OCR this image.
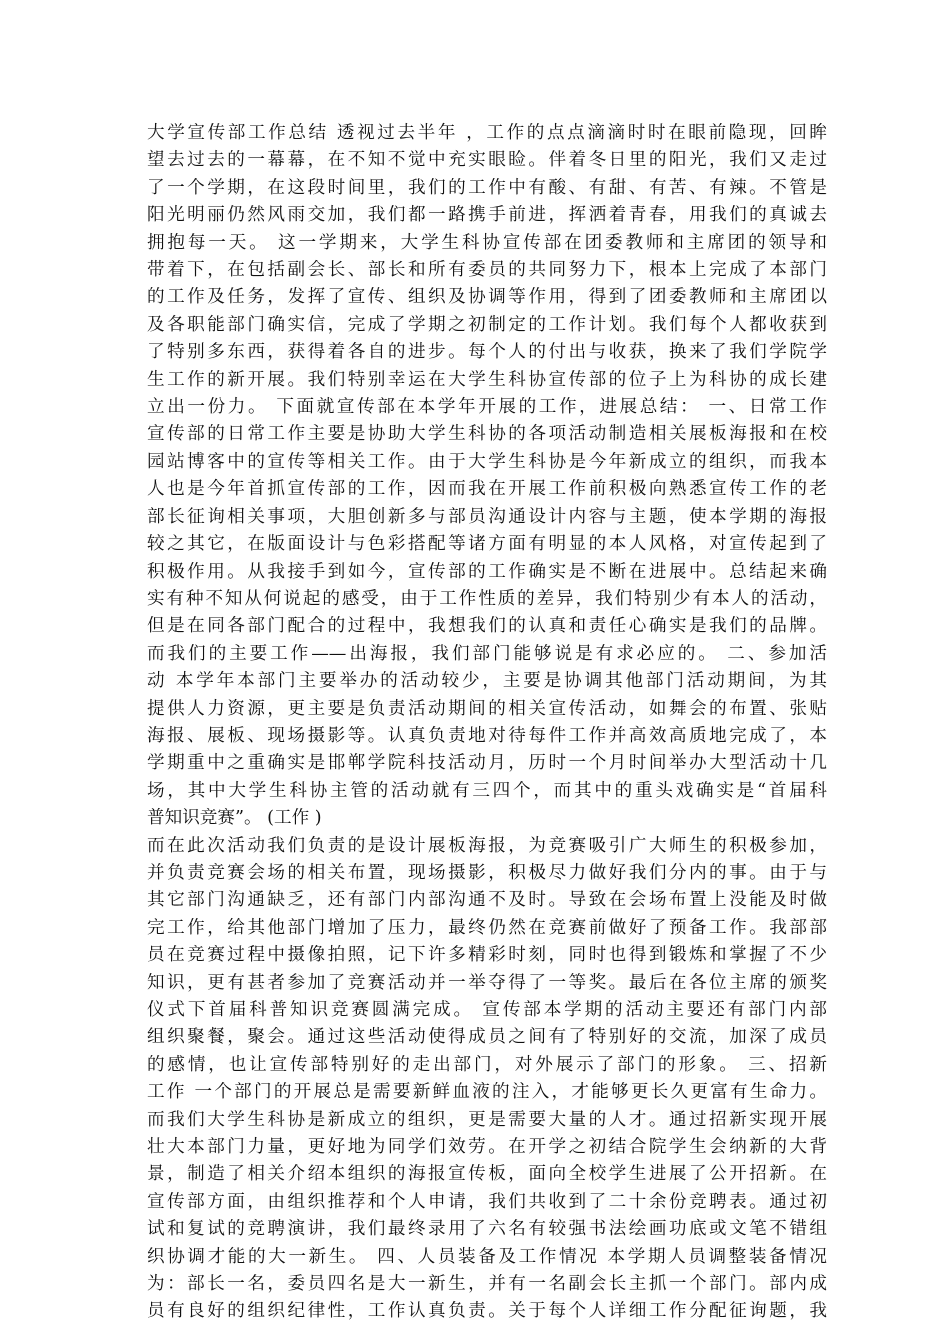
大学宣传部工作总结 透视过去半年 ，工作的点点滴滴时时在眼前隐现，回眸
望去过去的一幕幕，在不知不觉中充实眼睑。伴着冬日里的阳光，我们又走过
了一个学期，在这段时间里，我们的工作中有酸、有甜、有苦、有辣。不管是
阳光明丽仍然风雨交加，我们都一路携手前进，挥洒着青春，用我们的真诚去
拥抱每一天。 这一学期来，大学生科协宣传部在团委教师和主席团的领导和
带着下，在包括副会长、部长和所有委员的共同努力下，根本上完成了本部门
的工作及任务，发挥了宣传、组织及协调等作用，得到了团委教师和主席团以
及各职能部门确实信，完成了学期之初制定的工作计划。我们每个人都收获到
了特别多东西，获得着各自的进步。每个人的付出与收获，换来了我们学院学
生工作的新开展。我们特别幸运在大学生科协宣传部的位子上为科协的成长建
立出一份力。 下面就宣传部在本学年开展的工作，进展总结： 一、日常工作
宣传部的日常工作主要是协助大学生科协的各项活动制造相关展板海报和在校
园站博客中的宣传等相关工作。由于大学生科协是今年新成立的组织，而我本
人也是今年首抓宣传部的工作，因而我在开展工作前积极向熟悉宣传工作的老
部长征询相关事项，大胆创新多与部员沟通设计内容与主题，使本学期的海报
较之其它，在版面设计与色彩搭配等诸方面有明显的本人风格，对宣传起到了
积极作用。从我接手到如今，宣传部的工作确实是不断在进展中。总结起来确
实有种不知从何说起的感受，由于工作性质的差异，我们特别少有本人的活动，
但是在同各部门配合的过程中，我想我们的认真和责任心确实是我们的品牌。
而我们的主要工作——出海报，我们部门能够说是有求必应的。 二、参加活
动 本学年本部门主要举办的活动较少，主要是协调其他部门活动期间，为其
提供人力资源，更主要是负责活动期间的相关宣传活动，如舞会的布置、张贴
海报、展板、现场摄影等。认真负责地对待每件工作并高效高质地完成了，本
学期重中之重确实是邯郸学院科技活动月，历时一个月时间举办大型活动十几
场，其中大学生科协主管的活动就有三四个，而其中的重头戏确实是“首届科
普知识竞赛”。 (工作 )
而在此次活动我们负责的是设计展板海报，为竞赛吸引广大师生的积极参加，
并负责竞赛会场的相关布置，现场摄影，积极尽力做好我们分内的事。由于与
其它部门沟通缺乏，还有部门内部沟通不及时。导致在会场布置上没能及时做
完工作，给其他部门增加了压力，最终仍然在竞赛前做好了预备工作。我部部
员在竞赛过程中摄像拍照，记下许多精彩时刻，同时也得到锻炼和掌握了不少
知识，更有甚者参加了竞赛活动并一举夺得了一等奖。最后在各位主席的颁奖
仪式下首届科普知识竞赛圆满完成。 宣传部本学期的活动主要还有部门内部
组织聚餐，聚会。通过这些活动使得成员之间有了特别好的交流，加深了成员
的感情，也让宣传部特别好的走出部门，对外展示了部门的形象。 三、招新
工作 一个部门的开展总是需要新鲜血液的注入，才能够更长久更富有生命力。
而我们大学生科协是新成立的组织，更是需要大量的人才。通过招新实现开展
壮大本部门力量，更好地为同学们效劳。在开学之初结合院学生会纳新的大背
景，制造了相关介绍本组织的海报宣传板，面向全校学生进展了公开招新。在
宣传部方面，由组织推荐和个人申请，我们共收到了二十余份竞聘表。通过初
试和复试的竞聘演讲，我们最终录用了六名有较强书法绘画功底或文笔不错组
织协调才能的大一新生。 四、人员装备及工作情况 本学期人员调整装备情况
为：部长一名，委员四名是大一新生，并有一名副会长主抓一个部门。部内成
员有良好的组织纪律性，工作认真负责。关于每个人详细工作分配征询题，我
